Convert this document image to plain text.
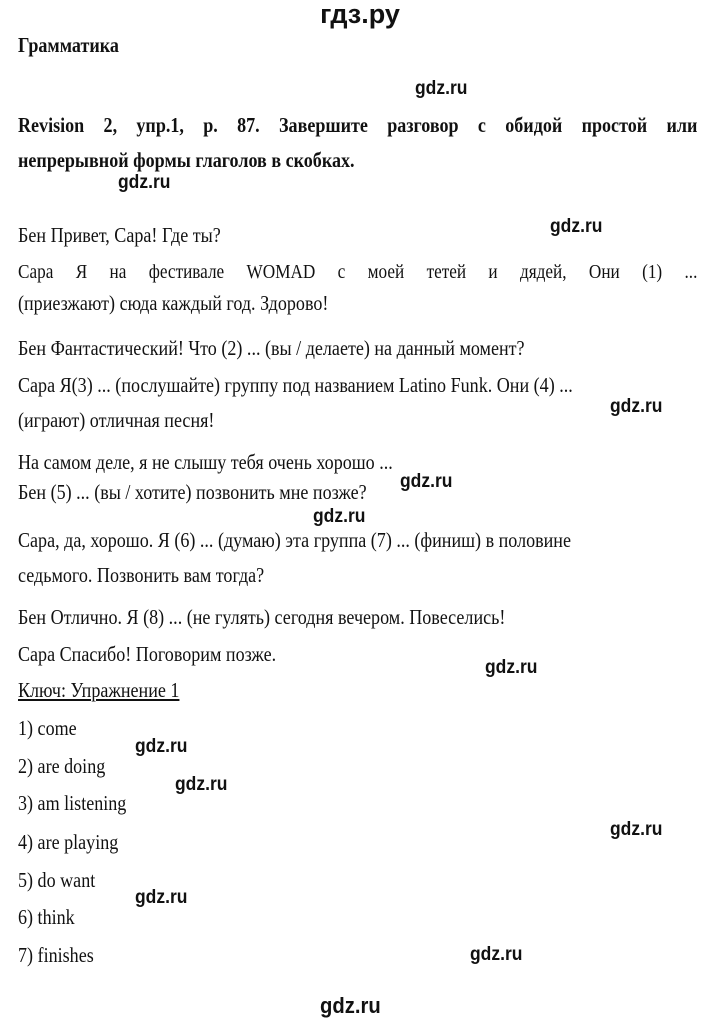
гдз.ру
Грамматика
Revision 2, упр.1, р. 87. Завершите разговор с обидой простой или
непрерывной формы глаголов в скобках.
Бен Привет, Сара! Где ты?
Сара Я на фестивале WOMAD с моей тетей и дядей, Они (1) ...
(приезжают) сюда каждый год. Здорово!
Бен Фантастический! Что (2) ... (вы / делаете) на данный момент?
Сара Я(3) ... (послушайте) группу под названием Latino Funk. Они (4) ...
(играют) отличная песня!
На самом деле, я не слышу тебя очень хорошо ...
Бен (5) ... (вы / хотите) позвонить мне позже?
Сара, да, хорошо. Я (6) ... (думаю) эта группа (7) ... (финиш) в половине
седьмого. Позвонить вам тогда?
Бен Отлично. Я (8) ... (не гулять) сегодня вечером. Повеселись!
Сара Спасибо! Поговорим позже.
Ключ: Упражнение 1
1) come
2) are doing
3) am listening
4) are playing
5) do want
6) think
7) finishes
gdz.ru
gdz.ru
gdz.ru
gdz.ru
gdz.ru
gdz.ru
gdz.ru
gdz.ru
gdz.ru
gdz.ru
gdz.ru
gdz.ru
gdz.ru
